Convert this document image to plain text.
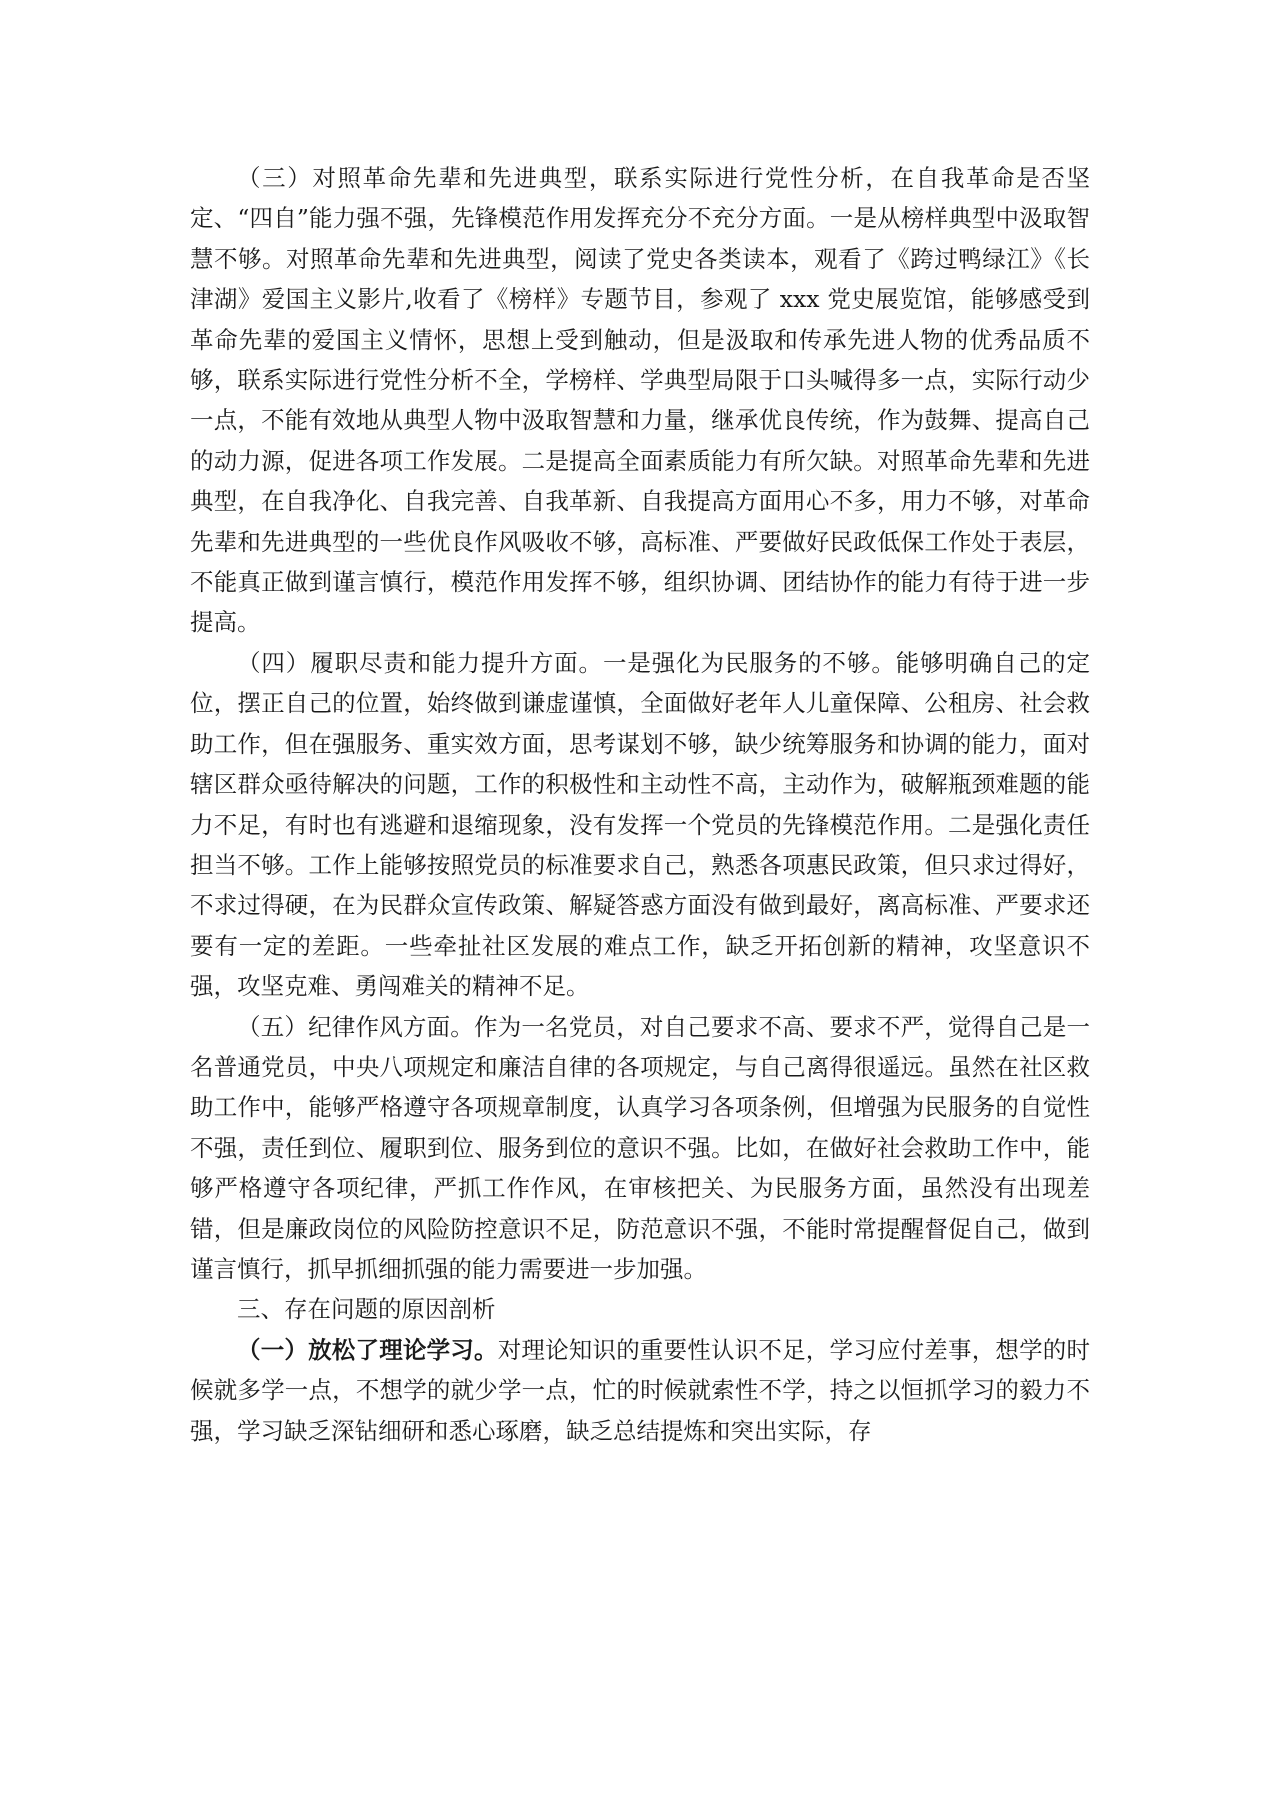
（三）对照革命先辈和先进典型，联系实际进行党性分析，在自我革命是否坚定、“四自”能力强不强，先锋模范作用发挥充分不充分方面。一是从榜样典型中汲取智慧不够。对照革命先辈和先进典型，阅读了党史各类读本，观看了《跨过鸭绿江》《长津湖》爱国主义影片,收看了《榜样》专题节目，参观了 xxx 党史展览馆，能够感受到革命先辈的爱国主义情怀，思想上受到触动，但是汲取和传承先进人物的优秀品质不够，联系实际进行党性分析不全，学榜样、学典型局限于口头喊得多一点，实际行动少一点，不能有效地从典型人物中汲取智慧和力量，继承优良传统，作为鼓舞、提高自己的动力源，促进各项工作发展。二是提高全面素质能力有所欠缺。对照革命先辈和先进典型，在自我净化、自我完善、自我革新、自我提高方面用心不多，用力不够，对革命先辈和先进典型的一些优良作风吸收不够，高标准、严要做好民政低保工作处于表层，不能真正做到谨言慎行，模范作用发挥不够，组织协调、团结协作的能力有待于进一步提高。

（四）履职尽责和能力提升方面。一是强化为民服务的不够。能够明确自己的定位，摆正自己的位置，始终做到谦虚谨慎，全面做好老年人儿童保障、公租房、社会救助工作，但在强服务、重实效方面，思考谋划不够，缺少统筹服务和协调的能力，面对辖区群众亟待解决的问题，工作的积极性和主动性不高，主动作为，破解瓶颈难题的能力不足，有时也有逃避和退缩现象，没有发挥一个党员的先锋模范作用。二是强化责任担当不够。工作上能够按照党员的标准要求自己，熟悉各项惠民政策，但只求过得好，不求过得硬，在为民群众宣传政策、解疑答惑方面没有做到最好，离高标准、严要求还要有一定的差距。一些牵扯社区发展的难点工作，缺乏开拓创新的精神，攻坚意识不强，攻坚克难、勇闯难关的精神不足。

（五）纪律作风方面。作为一名党员，对自己要求不高、要求不严，觉得自己是一名普通党员，中央八项规定和廉洁自律的各项规定，与自己离得很遥远。虽然在社区救助工作中，能够严格遵守各项规章制度，认真学习各项条例，但增强为民服务的自觉性不强，责任到位、履职到位、服务到位的意识不强。比如，在做好社会救助工作中，能够严格遵守各项纪律，严抓工作作风，在审核把关、为民服务方面，虽然没有出现差错，但是廉政岗位的风险防控意识不足，防范意识不强，不能时常提醒督促自己，做到谨言慎行，抓早抓细抓强的能力需要进一步加强。

三、存在问题的原因剖析

（一）放松了理论学习。对理论知识的重要性认识不足，学习应付差事，想学的时候就多学一点，不想学的就少学一点，忙的时候就索性不学，持之以恒抓学习的毅力不强，学习缺乏深钻细研和悉心琢磨，缺乏总结提炼和突出实际，存
